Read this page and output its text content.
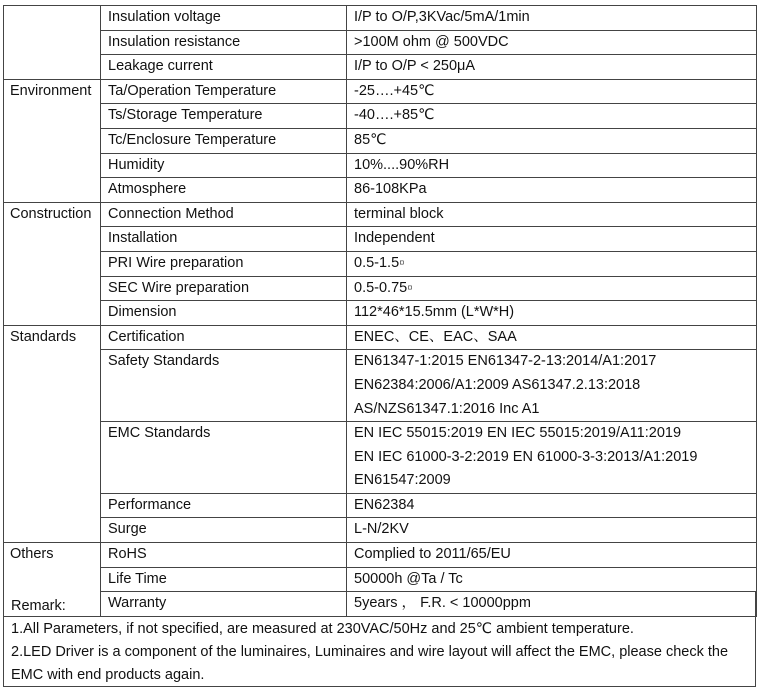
	Insulation voltage	I/P to O/P,3KVac/5mA/1min

	Insulation resistance	>100M ohm @ 500VDC

	Leakage current	I/P to O/P < 250μA

Environment	Ta/Operation Temperature	-25….+45℃

	Ts/Storage Temperature	-40….+85℃

	Tc/Enclosure Temperature	85℃

	Humidity	10%....90%RH

	Atmosphere	86-108KPa

Construction	Connection Method	terminal block

	Installation	Independent

	PRI Wire preparation	0.5-1.5▫

	SEC Wire preparation	0.5-0.75▫

	Dimension	112*46*15.5mm (L*W*H)

Standards	Certification	ENEC、CE、EAC、SAA

	Safety Standards	EN61347-1:2015 EN61347-2-13:2014/A1:2017
EN62384:2006/A1:2009 AS61347.2.13:2018
AS/NZS61347.1:2016 Inc A1

	EMC Standards	EN IEC 55015:2019 EN IEC 55015:2019/A11:2019
EN IEC 61000-3-2:2019 EN 61000-3-3:2013/A1:2019
EN61547:2009

	Performance	EN62384

	Surge	L-N/2KV

Others	RoHS	Complied to 2011/65/EU

	Life Time	50000h @Ta / Tc

	Warranty	5years ， F.R. < 10000ppm

Remark:

1.All Parameters, if not specified, are measured at 230VAC/50Hz and 25℃ ambient temperature.

2.LED Driver is a component of the luminaires, Luminaires and wire layout will affect the EMC, please check the EMC with end products again.
